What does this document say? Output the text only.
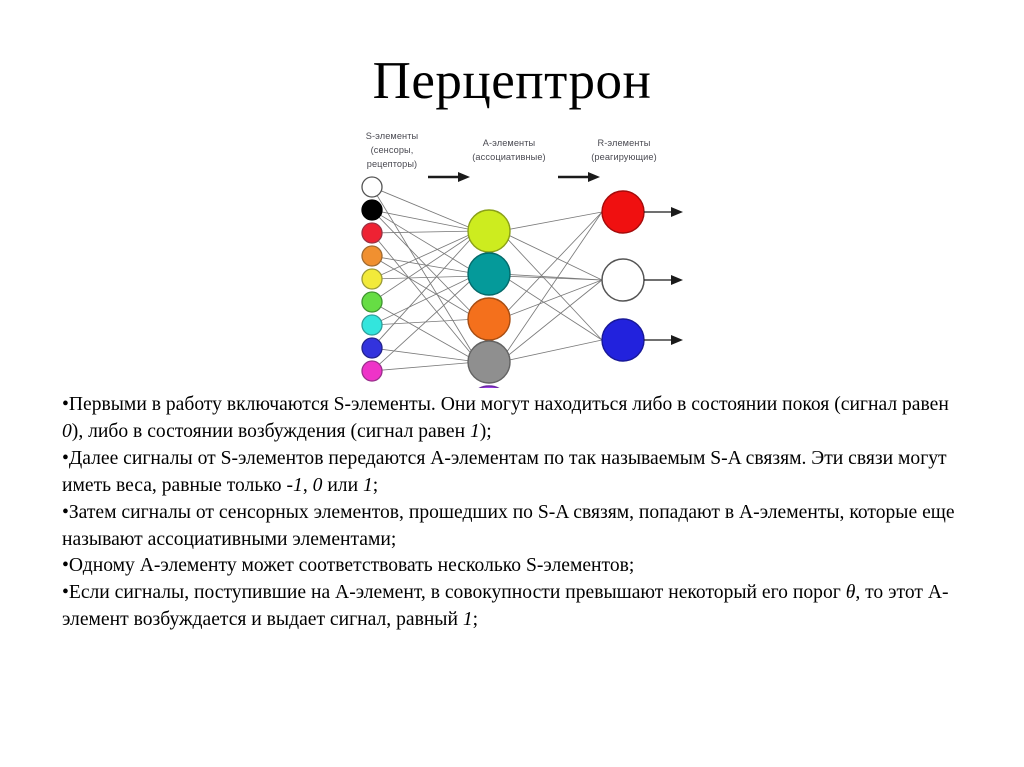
Перцептрон
S-элементы
(сенсоры,
рецепторы)
A-элементы
(ассоциативные)
R-элементы
(реагирующие)

•Первыми в работу включаются S-элементы. Они могут находиться либо в состоянии покоя (сигнал равен 0), либо в состоянии возбуждения (сигнал равен 1);

•Далее сигналы от S-элементов передаются A-элементам по так называемым S-A связям. Эти связи могут иметь веса, равные только -1, 0 или 1;

•Затем сигналы от сенсорных элементов, прошедших по S-A связям, попадают в A-элементы, которые еще называют ассоциативными элементами;

•Одному A-элементу может соответствовать несколько S-элементов;

•Если сигналы, поступившие на A-элемент, в совокупности превышают некоторый его порог θ, то этот A-элемент возбуждается и выдает сигнал, равный 1;
